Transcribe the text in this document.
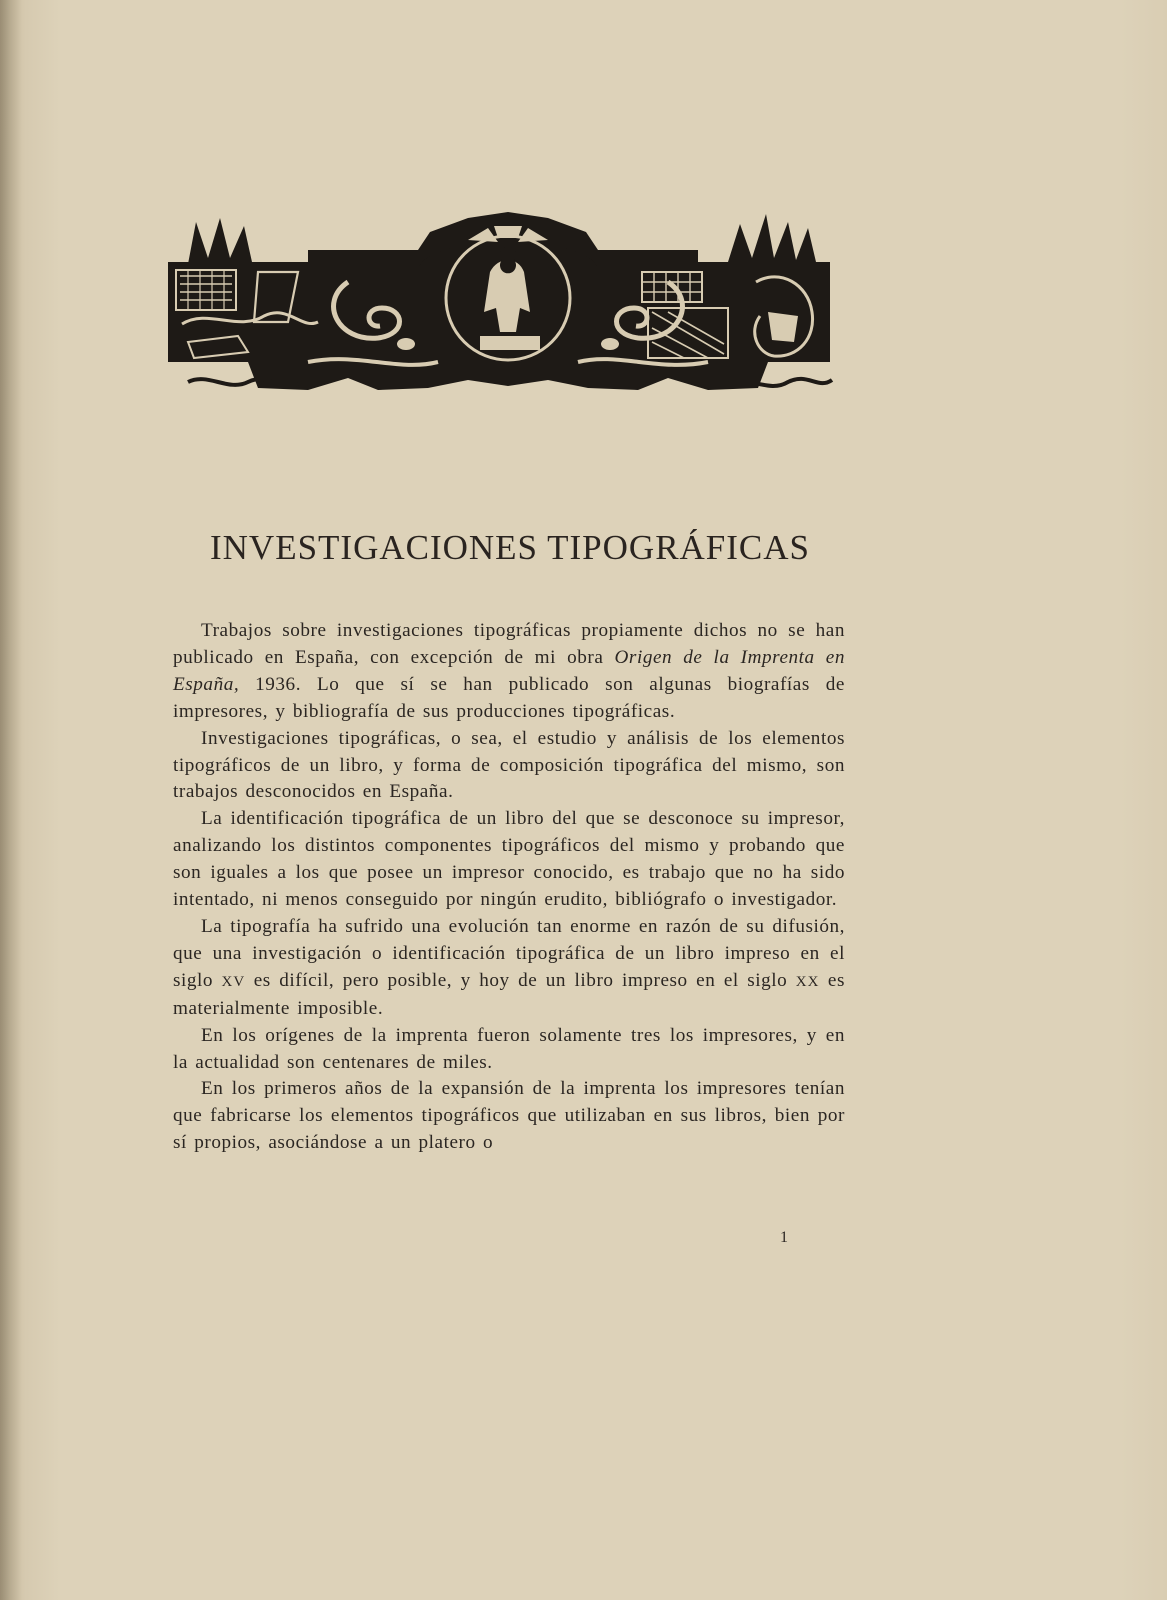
INVESTIGACIONES TIPOGRÁFICAS

Trabajos sobre investigaciones tipográficas propiamente dichos no se han publicado en España, con excepción de mi obra Origen de la Imprenta en España, 1936. Lo que sí se han publicado son algunas biografías de impresores, y bibliografía de sus producciones tipográficas.

Investigaciones tipográficas, o sea, el estudio y análisis de los elementos tipográficos de un libro, y forma de composición tipográfica del mismo, son trabajos desconocidos en España.

La identificación tipográfica de un libro del que se desconoce su impresor, analizando los distintos componentes tipográficos del mismo y probando que son iguales a los que posee un impresor conocido, es trabajo que no ha sido intentado, ni menos conseguido por ningún erudito, bibliógrafo o investigador.

La tipografía ha sufrido una evolución tan enorme en razón de su difusión, que una investigación o identificación tipográfica de un libro impreso en el siglo XV es difícil, pero posible, y hoy de un libro impreso en el siglo XX es materialmente imposible.

En los orígenes de la imprenta fueron solamente tres los impresores, y en la actualidad son centenares de miles.

En los primeros años de la expansión de la imprenta los impresores tenían que fabricarse los elementos tipográficos que utilizaban en sus libros, bien por sí propios, asociándose a un platero o

1
